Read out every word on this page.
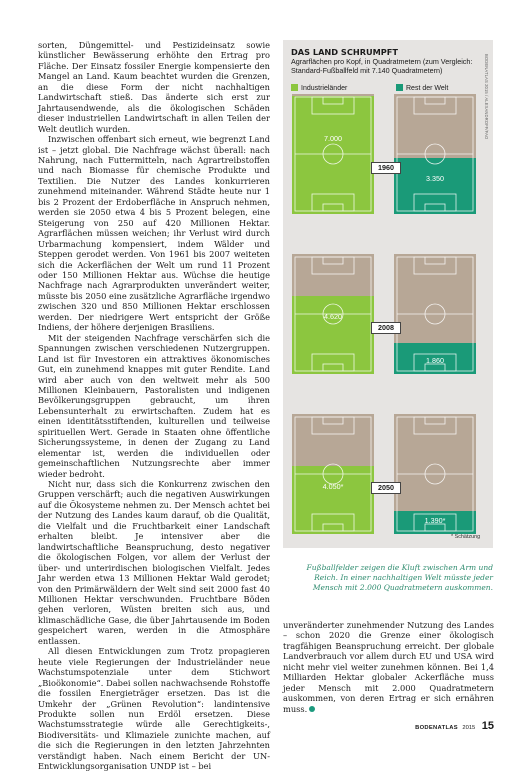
sorten, Düngemittel- und Pestizideinsatz sowie künstlicher Bewässerung erhöhte den Ertrag pro Fläche. Der Einsatz fossiler Energie kompensierte den Mangel an Land. Kaum beachtet wurden die Grenzen, an die diese Form der nicht nachhaltigen Landwirtschaft stieß. Das änderte sich erst zur Jahrtausendwende, als die ökologischen Schäden dieser industriellen Landwirtschaft in allen Teilen der Welt deutlich wurden.

Inzwischen offenbart sich erneut, wie begrenzt Land ist – jetzt global. Die Nachfrage wächst überall: nach Nahrung, nach Futtermitteln, nach Agrartreibstoffen und nach Biomasse für chemische Produkte und Textilien. Die Nutzer des Landes konkurrieren zunehmend miteinander. Während Städte heute nur 1 bis 2 Prozent der Erdoberfläche in Anspruch nehmen, werden sie 2050 etwa 4 bis 5 Prozent belegen, eine Steigerung von 250 auf 420 Millionen Hektar. Agrarflächen müssen weichen; ihr Verlust wird durch Urbarmachung kompensiert, indem Wälder und Steppen gerodet werden. Von 1961 bis 2007 weiteten sich die Ackerflächen der Welt um rund 11 Prozent oder 150 Millionen Hektar aus. Wüchse die heutige Nachfrage nach Agrarprodukten unverändert weiter, müsste bis 2050 eine zusätzliche Agrarfläche irgendwo zwischen 320 und 850 Millionen Hektar erschlossen werden. Der niedrigere Wert entspricht der Größe Indiens, der höhere derjenigen Brasiliens.

Mit der steigenden Nachfrage verschärfen sich die Spannungen zwischen verschiedenen Nutzergruppen. Land ist für Investoren ein attraktives ökonomisches Gut, ein zunehmend knappes mit guter Rendite. Land wird aber auch von den weltweit mehr als 500 Millionen Kleinbauern, Pastoralisten und indigenen Bevölkerungsgruppen gebraucht, um ihren Lebensunterhalt zu erwirtschaften. Zudem hat es einen identitätsstiftenden, kulturellen und teilweise spirituellen Wert. Gerade in Staaten ohne öffentliche Sicherungssysteme, in denen der Zugang zu Land elementar ist, werden die individuellen oder gemeinschaftlichen Nutzungsrechte aber immer wieder bedroht.

Nicht nur, dass sich die Konkurrenz zwischen den Gruppen verschärft; auch die negativen Auswirkungen auf die Ökosysteme nehmen zu. Der Mensch achtet bei der Nutzung des Landes kaum darauf, ob die Qualität, die Vielfalt und die Fruchtbarkeit einer Landschaft erhalten bleibt. Je intensiver aber die landwirtschaftliche Beanspruchung, desto negativer die ökologischen Folgen, vor allem der Verlust der über- und unterirdischen biologischen Vielfalt. Jedes Jahr werden etwa 13 Millionen Hektar Wald gerodet; von den Primärwäldern der Welt sind seit 2000 fast 40 Millionen Hektar verschwunden. Fruchtbare Böden gehen verloren, Wüsten breiten sich aus, und klimaschädliche Gase, die über Jahrtausende im Boden gespeichert waren, werden in die Atmosphäre entlassen.

All diesen Entwicklungen zum Trotz propagieren heute viele Regierungen der Industrieländer neue Wachstumspotenziale unter dem Stichwort „Bioökonomie“. Dabei sollen nachwachsende Rohstoffe die fossilen Energieträger ersetzen. Das ist die Umkehr der „Grünen Revolution“: landintensive Produkte sollen nun Erdöl ersetzen. Diese Wachstumsstrategie würde alle Gerechtigkeits-, Biodiversitäts- und Klimaziele zunichte machen, auf die sich die Regierungen in den letzten Jahrzehnten verständigt haben. Nach einem Bericht der UN-Entwicklungsorganisation UNDP ist – bei

DAS LAND SCHRUMPFT
Agrarflächen pro Kopf, in Quadratmetern (zum Vergleich: Standard-Fußballfeld mit 7.140 Quadratmetern)
Industrieländer	Rest der Welt	BODENATLAS 2015 / ALEXANDROFF/FAO
7.000
3.350
1960
4.620
1.860
2008
4.050*
1.390*
2050
* Schätzung
Fußballfelder zeigen die Kluft zwischen Arm und Reich. In einer nachhaltigen Welt müsste jeder Mensch mit 2.000 Quadratmetern auskommen.
unveränderter zunehmender Nutzung des Landes – schon 2020 die Grenze einer ökologisch tragfähigen Beanspruchung erreicht. Der globale Landverbrauch vor allem durch EU und USA wird nicht mehr viel weiter zunehmen können. Bei 1,4 Milliarden Hektar globaler Ackerfläche muss jeder Mensch mit 2.000 Quadratmetern auskommen, von deren Ertrag er sich ernähren muss.
BODENATLAS 2015 15
